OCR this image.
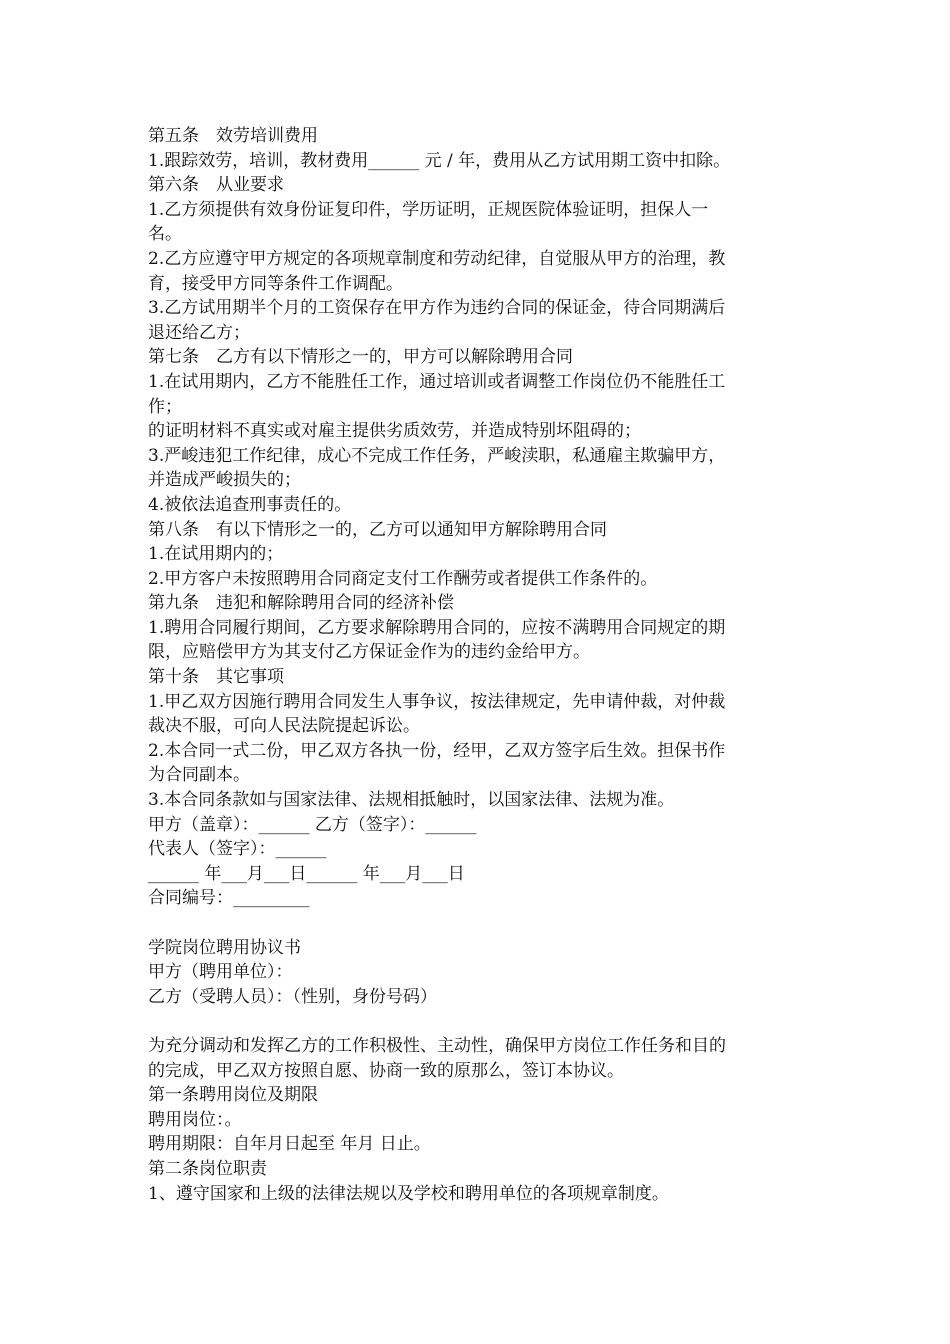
第五条　效劳培训费用
1.跟踪效劳，培训，教材费用______ 元 / 年，费用从乙方试用期工资中扣除。
第六条　从业要求
1.乙方须提供有效身份证复印件，学历证明，正规医院体验证明，担保人一
名。
2.乙方应遵守甲方规定的各项规章制度和劳动纪律，自觉服从甲方的治理，教
育，接受甲方同等条件工作调配。
3.乙方试用期半个月的工资保存在甲方作为违约合同的保证金，待合同期满后
退还给乙方；
第七条　乙方有以下情形之一的，甲方可以解除聘用合同
1.在试用期内，乙方不能胜任工作，通过培训或者调整工作岗位仍不能胜任工
作；
的证明材料不真实或对雇主提供劣质效劳，并造成特别坏阻碍的；
3.严峻违犯工作纪律，成心不完成工作任务，严峻渎职，私通雇主欺骗甲方，
并造成严峻损失的；
4.被依法追查刑事责任的。
第八条　有以下情形之一的，乙方可以通知甲方解除聘用合同
1.在试用期内的；
2.甲方客户未按照聘用合同商定支付工作酬劳或者提供工作条件的。
第九条　违犯和解除聘用合同的经济补偿
1.聘用合同履行期间，乙方要求解除聘用合同的，应按不满聘用合同规定的期
限，应赔偿甲方为其支付乙方保证金作为的违约金给甲方。
第十条　其它事项
1.甲乙双方因施行聘用合同发生人事争议，按法律规定，先申请仲裁，对仲裁
裁决不服，可向人民法院提起诉讼。
2.本合同一式二份，甲乙双方各执一份，经甲，乙双方签字后生效。担保书作
为合同副本。
3.本合同条款如与国家法律、法规相抵触时，以国家法律、法规为准。
甲方（盖章）：______ 乙方（签字）：______
代表人（签字）：______
______ 年___月___日______ 年___月___日
合同编号：_________
学院岗位聘用协议书
甲方（聘用单位）：
乙方（受聘人员）：（性别，身份号码）
为充分调动和发挥乙方的工作积极性、主动性，确保甲方岗位工作任务和目的
的完成，甲乙双方按照自愿、协商一致的原那么，签订本协议。
第一条聘用岗位及期限
聘用岗位：。
聘用期限：自年月日起至 年月 日止。
第二条岗位职责
1、遵守国家和上级的法律法规以及学校和聘用单位的各项规章制度。
